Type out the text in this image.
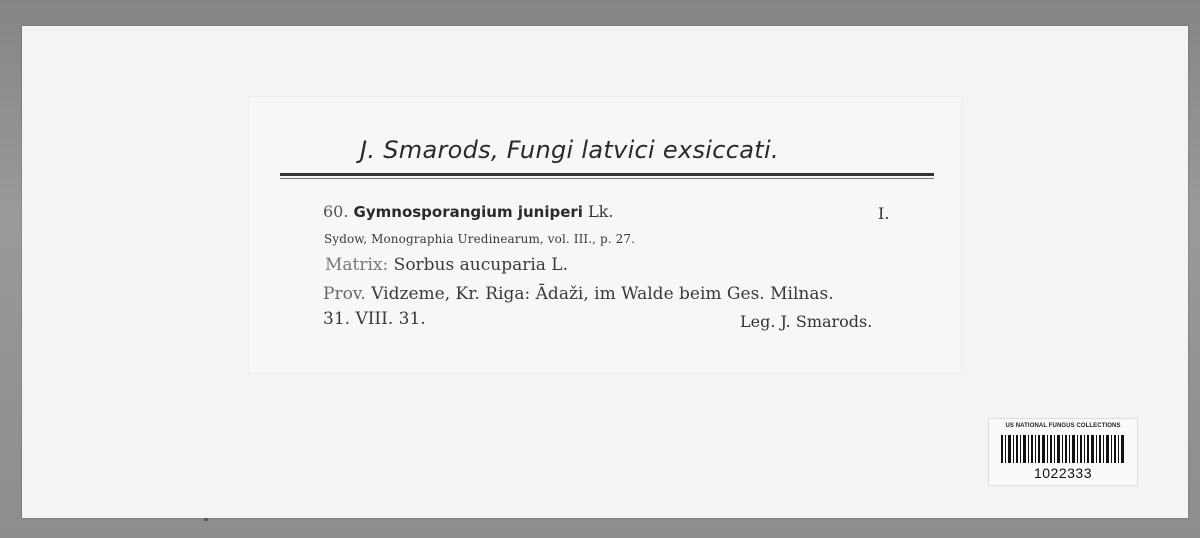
J. Smarods, Fungi latvici exsiccati.
60. Gymnosporangium juniperi Lk.	I.
Sydow, Monographia Uredinearum, vol. III., p. 27.
Matrix: Sorbus aucuparia L.
Prov. Vidzeme, Kr. Riga: Ādaži, im Walde beim Ges. Milnas.
31. VIII. 31.	Leg. J. Smarods.
US NATIONAL FUNGUS COLLECTIONS
1022333
